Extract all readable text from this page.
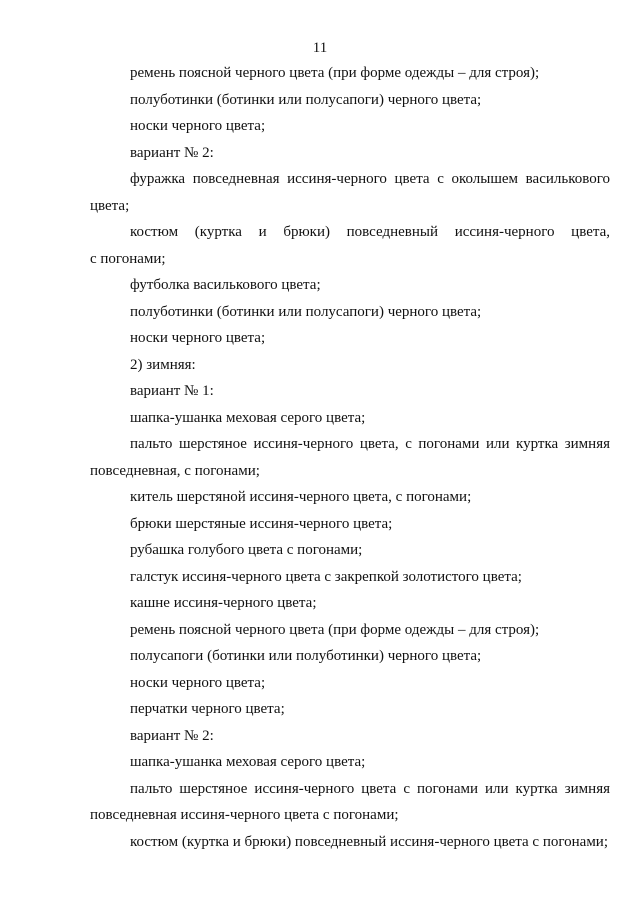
11
ремень поясной черного цвета (при форме одежды – для строя);
полуботинки (ботинки или полусапоги) черного цвета;
носки черного цвета;
вариант № 2:
фуражка повседневная иссиня-черного цвета с околышем василькового
цвета;
костюм (куртка и брюки) повседневный иссиня-черного цвета,
с погонами;
футболка василькового цвета;
полуботинки (ботинки или полусапоги) черного цвета;
носки черного цвета;
2) зимняя:
вариант № 1:
шапка-ушанка меховая серого цвета;
пальто шерстяное иссиня-черного цвета, с погонами или куртка зимняя
повседневная, с погонами;
китель шерстяной иссиня-черного цвета, с погонами;
брюки шерстяные иссиня-черного цвета;
рубашка голубого цвета с погонами;
галстук иссиня-черного цвета с закрепкой золотистого цвета;
кашне иссиня-черного цвета;
ремень поясной черного цвета (при форме одежды – для строя);
полусапоги (ботинки или полуботинки) черного цвета;
носки черного цвета;
перчатки черного цвета;
вариант № 2:
шапка-ушанка меховая серого цвета;
пальто шерстяное иссиня-черного цвета с погонами или куртка зимняя
повседневная иссиня-черного цвета с погонами;
костюм (куртка и брюки) повседневный иссиня-черного цвета с погонами;
